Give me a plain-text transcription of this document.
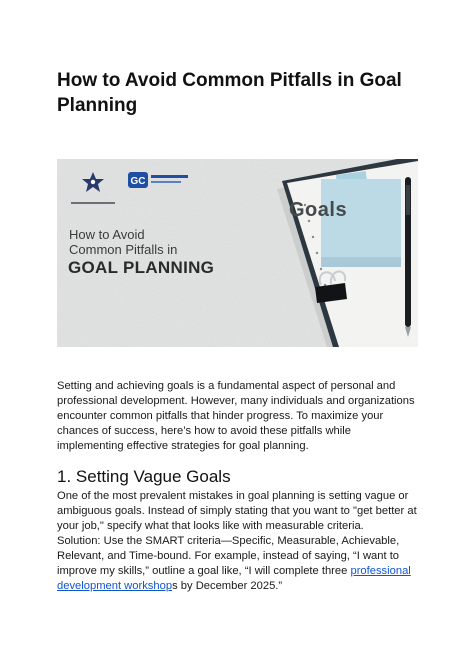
How to Avoid Common Pitfalls in Goal
Planning
GC
How to Avoid
Common Pitfalls in
GOAL PLANNING
Goals
Setting and achieving goals is a fundamental aspect of personal and
professional development. However, many individuals and organizations
encounter common pitfalls that hinder progress. To maximize your
chances of success, here’s how to avoid these pitfalls while
implementing effective strategies for goal planning.
1. Setting Vague Goals
One of the most prevalent mistakes in goal planning is setting vague or
ambiguous goals. Instead of simply stating that you want to "get better at
your job," specify what that looks like with measurable criteria.
Solution: Use the SMART criteria—Specific, Measurable, Achievable,
Relevant, and Time-bound. For example, instead of saying, “I want to
improve my skills,” outline a goal like, “I will complete three professional
development workshops by December 2025.”
